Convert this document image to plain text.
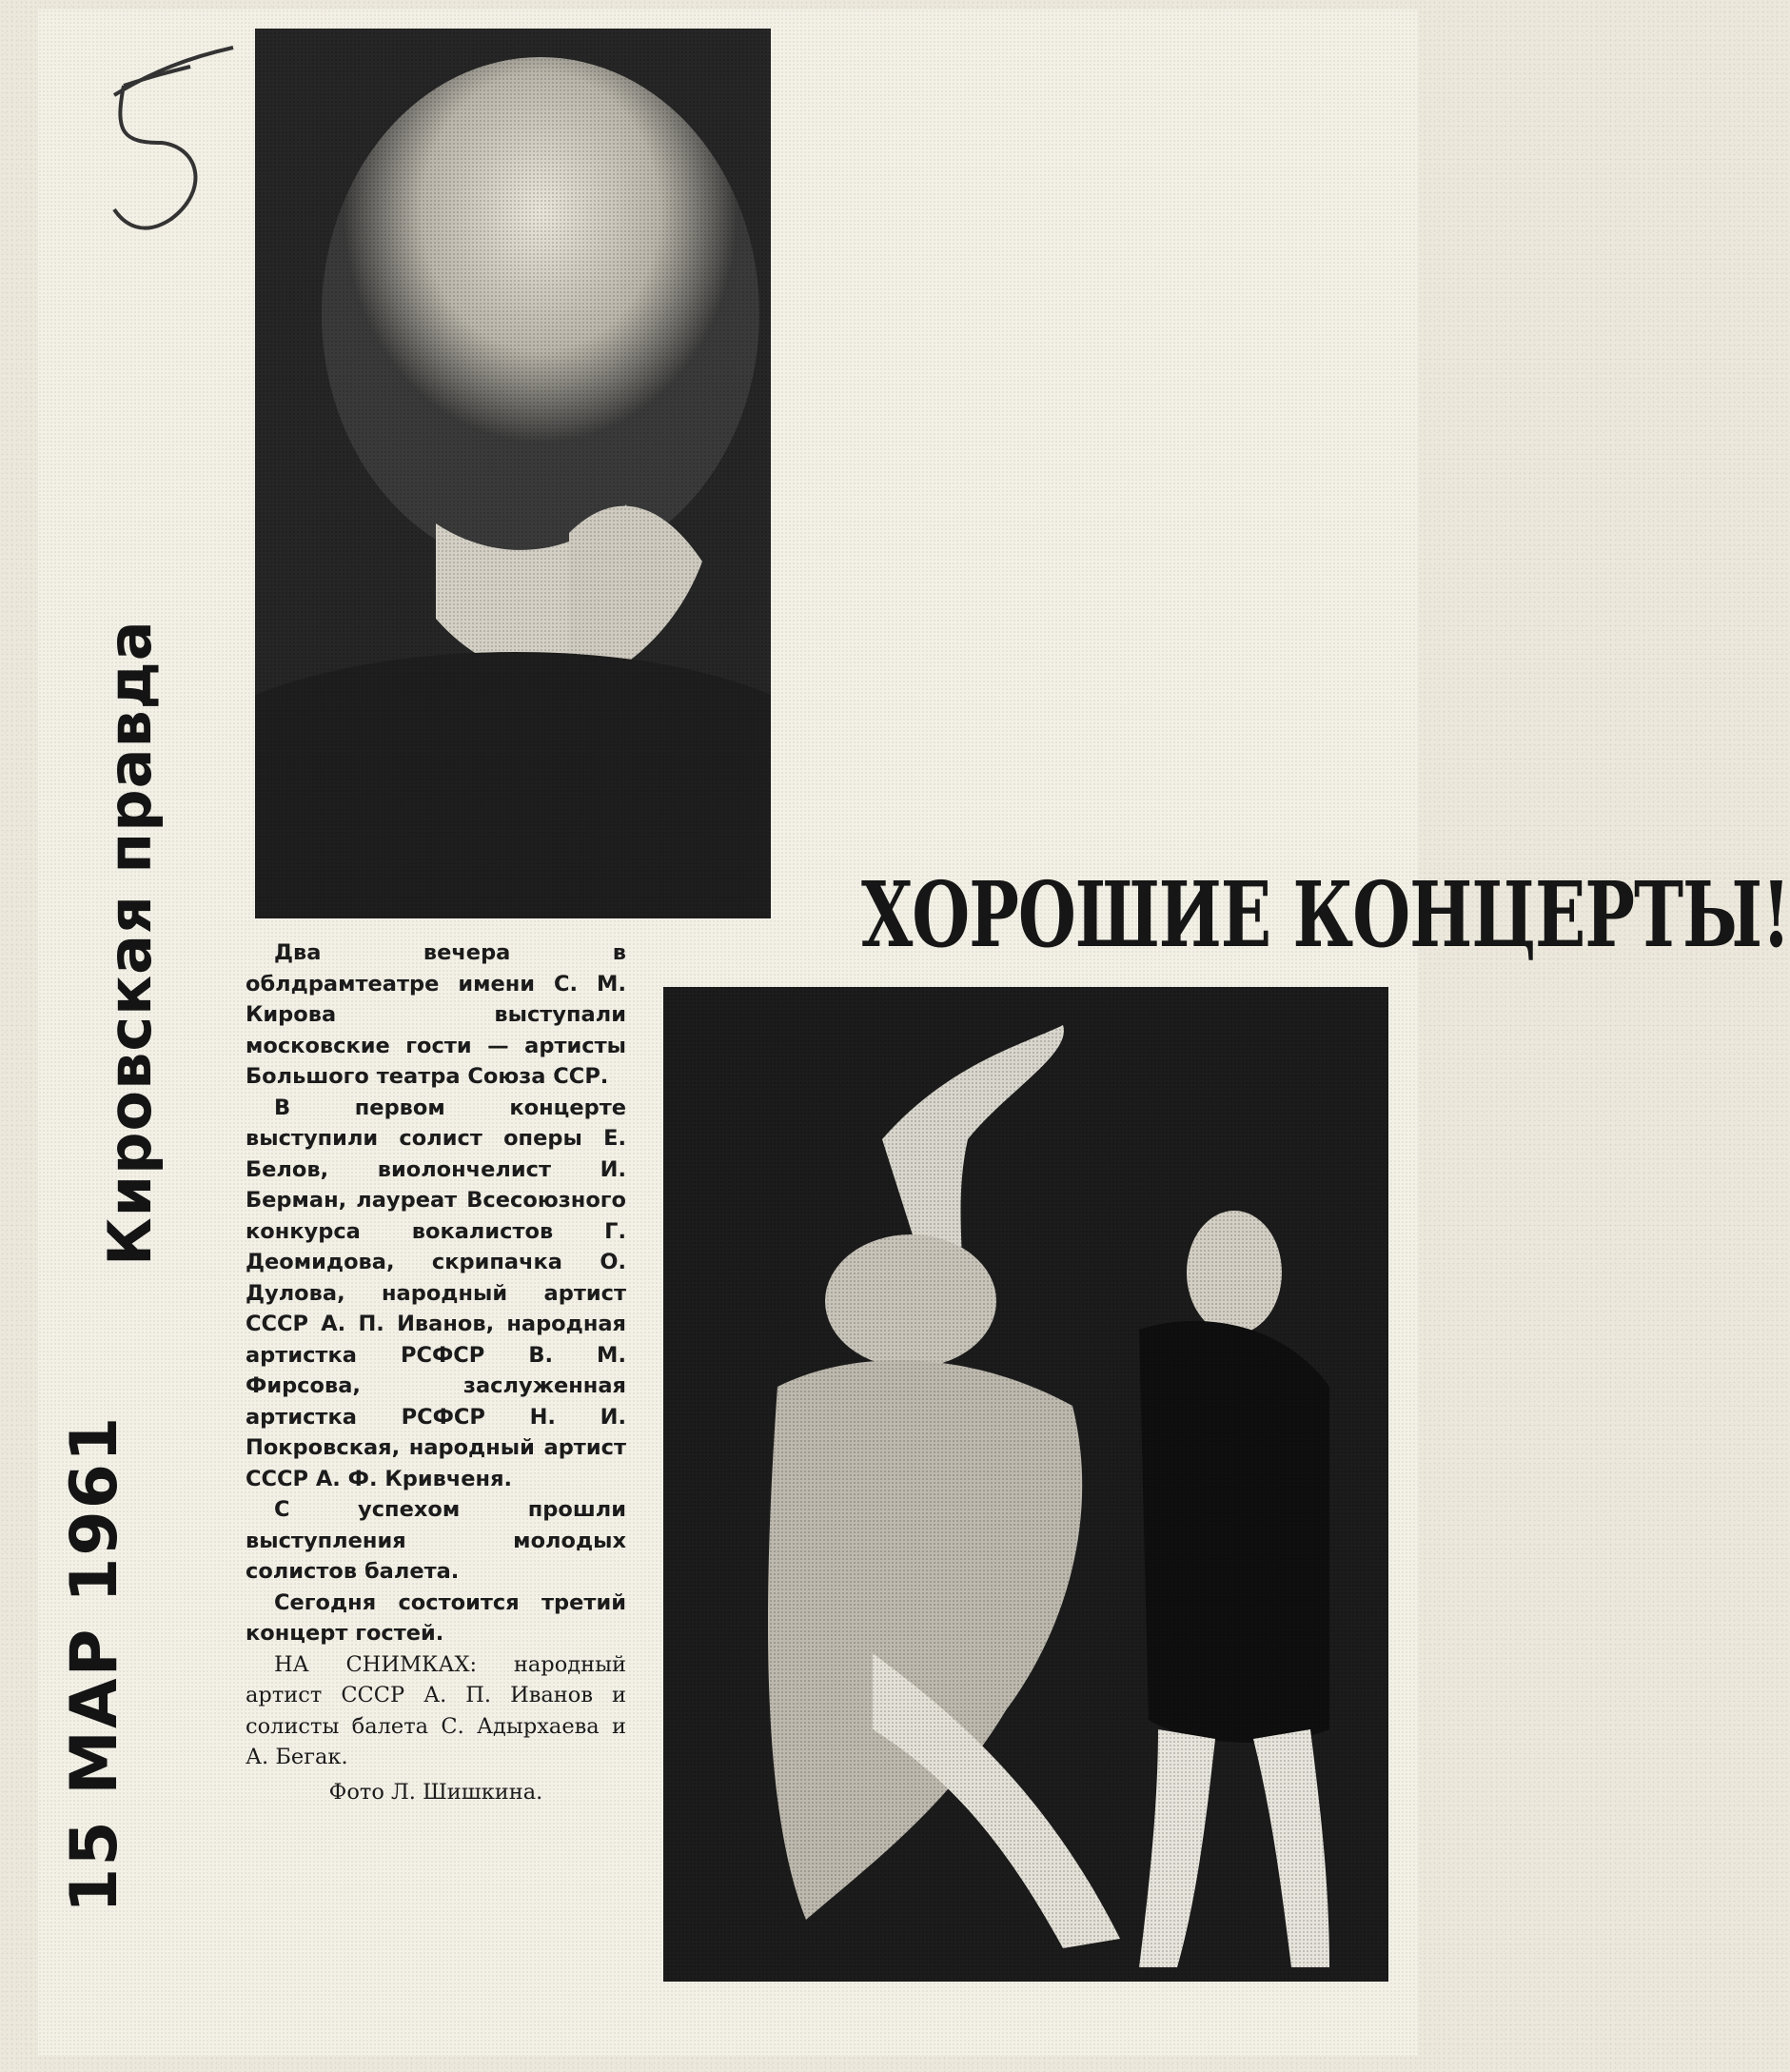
Кировская правда
15 МАР 1961
ХОРОШИЕ КОНЦЕРТЫ!

Два вечера в облдрамтеатре имени С. М. Кирова выступали московские гости — артисты Большого театра Союза ССР.

В первом концерте выступили солист оперы Е. Белов, виолончелист И. Берман, лауреат Всесоюзного конкурса вокалистов Г. Деомидова, скрипачка О. Дулова, народный артист СССР А. П. Иванов, народная артистка РСФСР В. М. Фирсова, заслуженная артистка РСФСР Н. И. Покровская, народный артист СССР А. Ф. Кривченя.

С успехом прошли выступления молодых солистов балета.

Сегодня состоится третий концерт гостей.

НА СНИМКАХ: народный артист СССР А. П. Иванов и солисты балета С. Адырхаева и А. Бегак.

Фото Л. Шишкина.
